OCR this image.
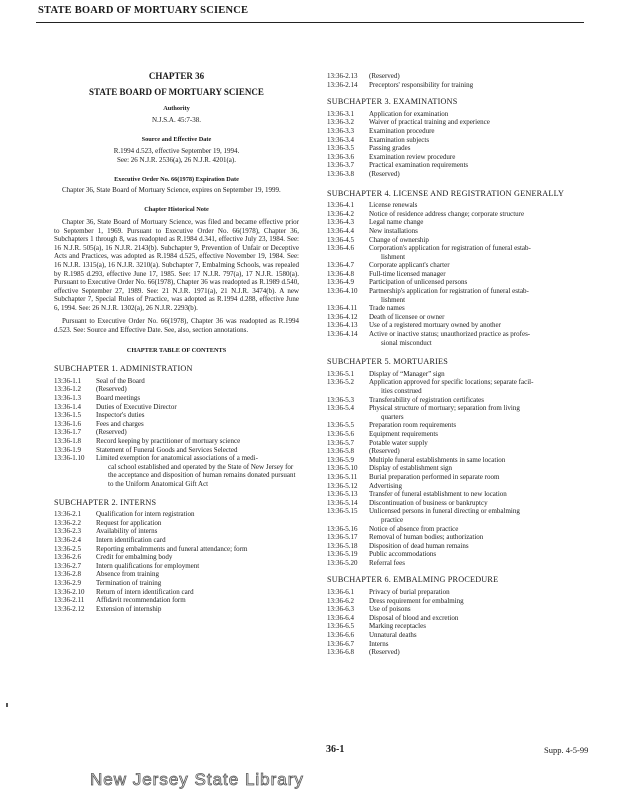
STATE BOARD OF MORTUARY SCIENCE
CHAPTER 36
STATE BOARD OF MORTUARY SCIENCE
Authority
N.J.S.A. 45:7-38.
Source and Effective Date
R.1994 d.523, effective September 19, 1994.
See: 26 N.J.R. 2536(a), 26 N.J.R. 4201(a).
Executive Order No. 66(1978) Expiration Date

Chapter 36, State Board of Mortuary Science, expires on September 19, 1999.

Chapter Historical Note

Chapter 36, State Board of Mortuary Science, was filed and became effective prior to September 1, 1969. Pursuant to Executive Order No. 66(1978), Chapter 36, Subchapters 1 through 8, was readopted as R.1984 d.341, effective July 23, 1984. See: 16 N.J.R. 505(a), 16 N.J.R. 2143(b). Subchapter 9, Prevention of Unfair or Deceptive Acts and Practices, was adopted as R.1984 d.525, effective November 19, 1984. See: 16 N.J.R. 1315(a), 16 N.J.R. 3210(a). Subchapter 7, Embalming Schools, was repealed by R.1985 d.293, effective June 17, 1985. See: 17 N.J.R. 797(a), 17 N.J.R. 1580(a). Pursuant to Executive Order No. 66(1978), Chapter 36 was readopted as R.1989 d.540, effective September 27, 1989. See: 21 N.J.R. 1971(a), 21 N.J.R. 3474(b). A new Subchapter 7, Special Rules of Practice, was adopted as R.1994 d.288, effective June 6, 1994. See: 26 N.J.R. 1302(a), 26 N.J.R. 2293(b).

Pursuant to Executive Order No. 66(1978), Chapter 36 was readopted as R.1994 d.523. See: Source and Effective Date. See, also, section annotations.

CHAPTER TABLE OF CONTENTS
SUBCHAPTER 1. ADMINISTRATION
13:36-1.1	Seal of the Board
13:36-1.2	(Reserved)
13:36-1.3	Board meetings
13:36-1.4	Duties of Executive Director
13:36-1.5	Inspector's duties
13:36-1.6	Fees and charges
13:36-1.7	(Reserved)
13:36-1.8	Record keeping by practitioner of mortuary science
13:36-1.9	Statement of Funeral Goods and Services Selected
13:36-1.10	Limited exemption for anatomical associations of a medi-
cal school established and operated by the State of New Jersey for the acceptance and disposition of human remains donated pursuant to the Uniform Anatomical Gift Act
SUBCHAPTER 2. INTERNS
13:36-2.1	Qualification for intern registration
13:36-2.2	Request for application
13:36-2.3	Availability of interns
13:36-2.4	Intern identification card
13:36-2.5	Reporting embalmments and funeral attendance; form
13:36-2.6	Credit for embalming body
13:36-2.7	Intern qualifications for employment
13:36-2.8	Absence from training
13:36-2.9	Termination of training
13:36-2.10	Return of intern identification card
13:36-2.11	Affidavit recommendation form
13:36-2.12	Extension of internship
13:36-2.13	(Reserved)
13:36-2.14	Preceptors' responsibility for training
SUBCHAPTER 3. EXAMINATIONS
13:36-3.1	Application for examination
13:36-3.2	Waiver of practical training and experience
13:36-3.3	Examination procedure
13:36-3.4	Examination subjects
13:36-3.5	Passing grades
13:36-3.6	Examination review procedure
13:36-3.7	Practical examination requirements
13:36-3.8	(Reserved)
SUBCHAPTER 4. LICENSE AND REGISTRATION GENERALLY
13:36-4.1	License renewals
13:36-4.2	Notice of residence address change; corporate structure
13:36-4.3	Legal name change
13:36-4.4	New installations
13:36-4.5	Change of ownership
13:36-4.6	Corporation's application for registration of funeral estab-
lishment
13:36-4.7	Corporate applicant's charter
13:36-4.8	Full-time licensed manager
13:36-4.9	Participation of unlicensed persons
13:36-4.10	Partnership's application for registration of funeral estab-
lishment
13:36-4.11	Trade names
13:36-4.12	Death of licensee or owner
13:36-4.13	Use of a registered mortuary owned by another
13:36-4.14	Active or inactive status; unauthorized practice as profes-
sional misconduct
SUBCHAPTER 5. MORTUARIES
13:36-5.1	Display of “Manager” sign
13:36-5.2	Application approved for specific locations; separate facil-
ities construed
13:36-5.3	Transferability of registration certificates
13:36-5.4	Physical structure of mortuary; separation from living
quarters
13:36-5.5	Preparation room requirements
13:36-5.6	Equipment requirements
13:36-5.7	Potable water supply
13:36-5.8	(Reserved)
13:36-5.9	Multiple funeral establishments in same location
13:36-5.10	Display of establishment sign
13:36-5.11	Burial preparation performed in separate room
13:36-5.12	Advertising
13:36-5.13	Transfer of funeral establishment to new location
13:36-5.14	Discontinuation of business or bankruptcy
13:36-5.15	Unlicensed persons in funeral directing or embalming
practice
13:36-5.16	Notice of absence from practice
13:36-5.17	Removal of human bodies; authorization
13:36-5.18	Disposition of dead human remains
13:36-5.19	Public accommodations
13:36-5.20	Referral fees
SUBCHAPTER 6. EMBALMING PROCEDURE
13:36-6.1	Privacy of burial preparation
13:36-6.2	Dress requirement for embalming
13:36-6.3	Use of poisons
13:36-6.4	Disposal of blood and excretion
13:36-6.5	Marking receptacles
13:36-6.6	Unnatural deaths
13:36-6.7	Interns
13:36-6.8	(Reserved)
36-1	Supp. 4-5-99
New Jersey State Library
